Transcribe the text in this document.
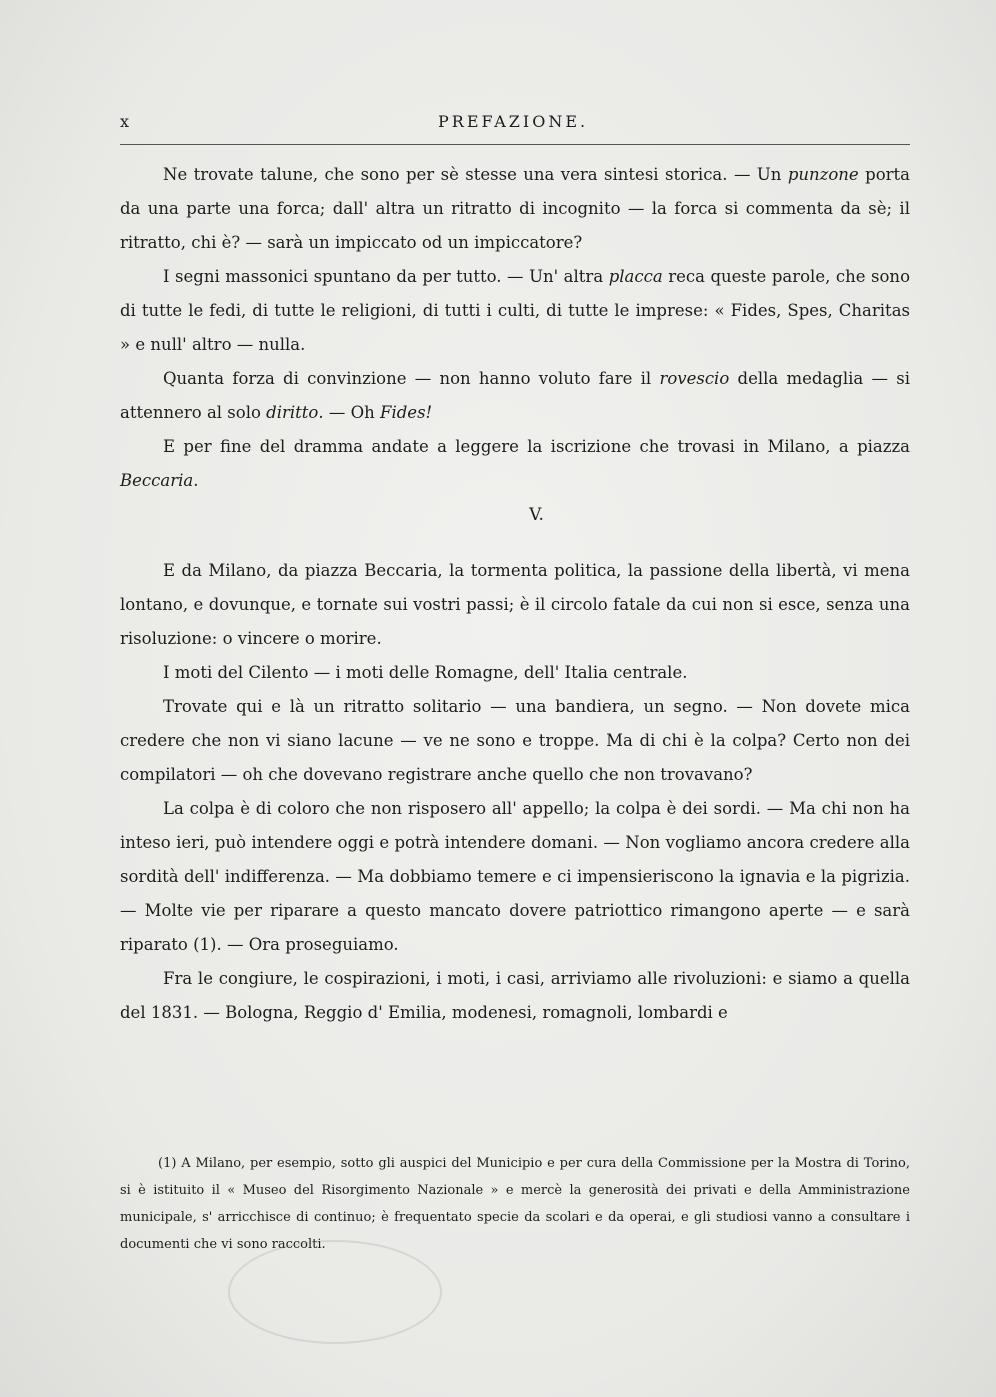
x	PREFAZIONE.

Ne trovate talune, che sono per sè stesse una vera sintesi storica. — Un punzone porta da una parte una forca; dall' altra un ritratto di incognito — la forca si commenta da sè; il ritratto, chi è? — sarà un impiccato od un impiccatore?

I segni massonici spuntano da per tutto. — Un' altra placca reca queste parole, che sono di tutte le fedi, di tutte le religioni, di tutti i culti, di tutte le imprese: « Fides, Spes, Charitas » e null' altro — nulla.

Quanta forza di convinzione — non hanno voluto fare il rovescio della medaglia — si attennero al solo diritto. — Oh Fides!

E per fine del dramma andate a leggere la iscrizione che trovasi in Milano, a piazza Beccaria.

V.

E da Milano, da piazza Beccaria, la tormenta politica, la passione della libertà, vi mena lontano, e dovunque, e tornate sui vostri passi; è il circolo fatale da cui non si esce, senza una risoluzione: o vincere o morire.

I moti del Cilento — i moti delle Romagne, dell' Italia centrale.

Trovate qui e là un ritratto solitario — una bandiera, un segno. — Non dovete mica credere che non vi siano lacune — ve ne sono e troppe. Ma di chi è la colpa? Certo non dei compilatori — oh che dovevano registrare anche quello che non trovavano?

La colpa è di coloro che non risposero all' appello; la colpa è dei sordi. — Ma chi non ha inteso ieri, può intendere oggi e potrà intendere domani. — Non vogliamo ancora credere alla sordità dell' indifferenza. — Ma dobbiamo temere e ci impensieriscono la ignavia e la pigrizia. — Molte vie per riparare a questo mancato dovere patriottico rimangono aperte — e sarà riparato (1). — Ora proseguiamo.

Fra le congiure, le cospirazioni, i moti, i casi, arriviamo alle rivoluzioni: e siamo a quella del 1831. — Bologna, Reggio d' Emilia, modenesi, romagnoli, lombardi e

(1) A Milano, per esempio, sotto gli auspici del Municipio e per cura della Commissione per la Mostra di Torino, si è istituito il « Museo del Risorgimento Nazionale » e mercè la generosità dei privati e della Amministrazione municipale, s' arricchisce di continuo; è frequentato specie da scolari e da operai, e gli studiosi vanno a consultare i documenti che vi sono raccolti.
